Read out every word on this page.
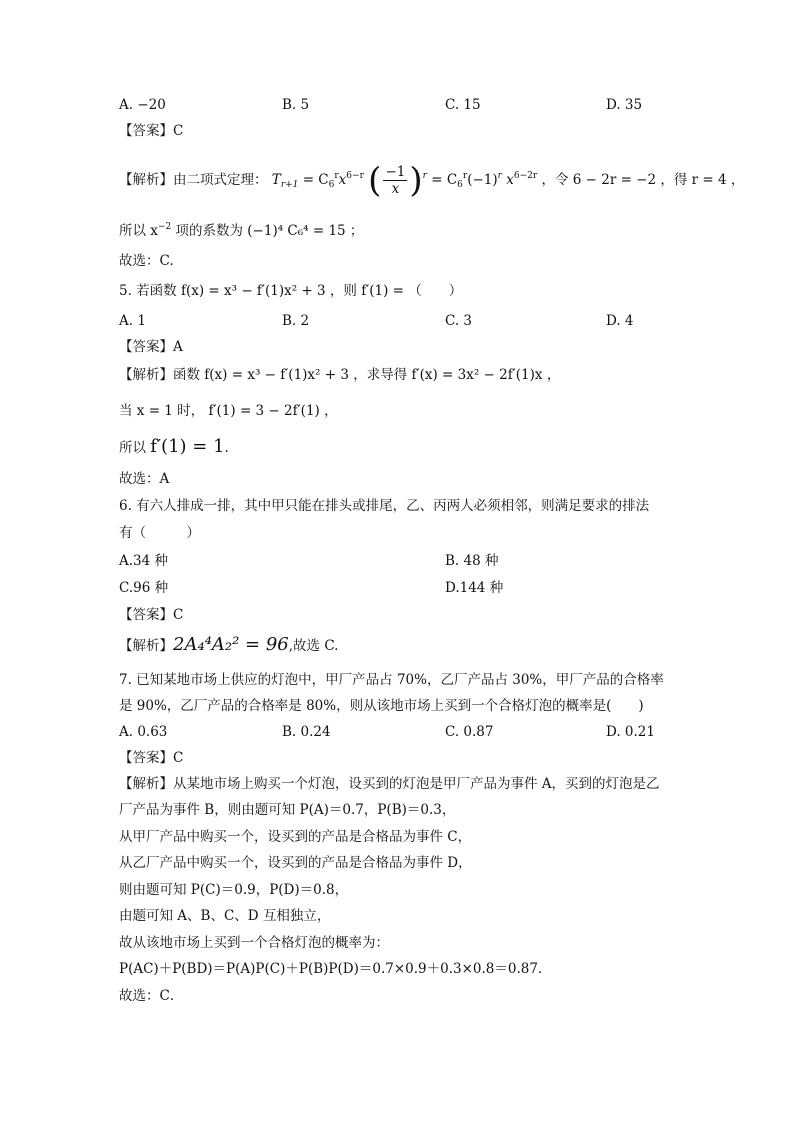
A. −20	B. 5	C. 15	D. 35
【答案】C
【解析】由二项式定理： $T_{r+1} = C_6^rx^{6-r}$ ( $\frac{-1}{x} )^r = C_6^r(-1)^r$ $x^{6-2r}$ ，令 6 − 2r = −2 ，得 r = 4 ，
所以 $x^{-2}$ 项的系数为 (−1)⁴ C₆⁴ = 15 ；
故选：C.
5. 若函数 f(x) = x³ − f′(1)x² + 3 ，则 f′(1) = （　　）
A. 1	B. 2	C. 3	D. 4
【答案】A
【解析】函数 f(x) = x³ − f′(1)x² + 3 ，求导得 f′(x) = 3x² − 2f′(1)x ，
当 x = 1 时， f′(1) = 3 − 2f′(1) ，
所以 f′(1) = 1.
故选：A
6. 有六人排成一排，其中甲只能在排头或排尾，乙、丙两人必须相邻，则满足要求的排法
有（　　　）
A.34 种	B. 48 种
C.96 种	D.144 种
【答案】C
【解析】2A₄⁴A₂² = 96,故选 C.
7. 已知某地市场上供应的灯泡中，甲厂产品占 70%，乙厂产品占 30%，甲厂产品的合格率
是 90%，乙厂产品的合格率是 80%，则从该地市场上买到一个合格灯泡的概率是(　　)
A. 0.63	B. 0.24	C. 0.87	D. 0.21
【答案】C
【解析】从某地市场上购买一个灯泡，设买到的灯泡是甲厂产品为事件 A，买到的灯泡是乙
厂产品为事件 B，则由题可知 P(A)＝0.7，P(B)＝0.3，
从甲厂产品中购买一个，设买到的产品是合格品为事件 C，
从乙厂产品中购买一个，设买到的产品是合格品为事件 D，
则由题可知 P(C)＝0.9，P(D)＝0.8，
由题可知 A、B、C、D 互相独立，
故从该地市场上买到一个合格灯泡的概率为：
P(AC)＋P(BD)＝P(A)P(C)＋P(B)P(D)＝0.7×0.9＋0.3×0.8＝0.87．
故选：C．
